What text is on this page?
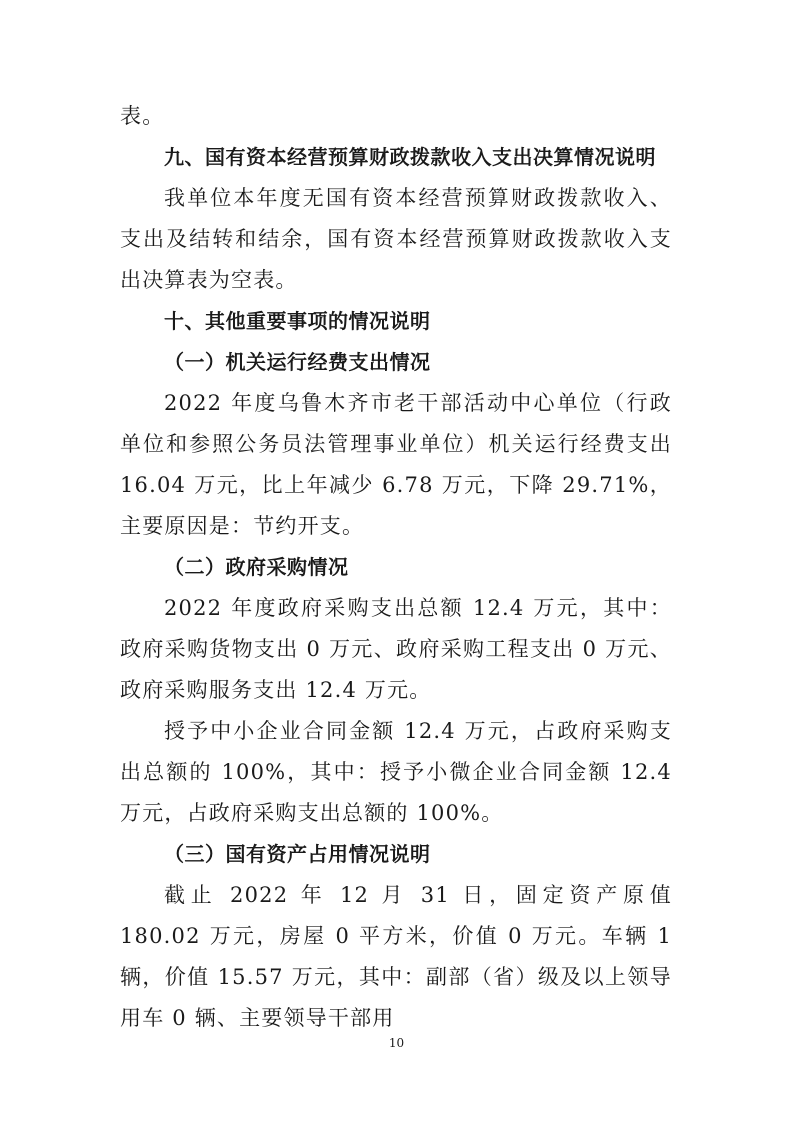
表。

九、国有资本经营预算财政拨款收入支出决算情况说明

我单位本年度无国有资本经营预算财政拨款收入、支出及结转和结余，国有资本经营预算财政拨款收入支出决算表为空表。

十、其他重要事项的情况说明

（一）机关运行经费支出情况

2022 年度乌鲁木齐市老干部活动中心单位（行政单位和参照公务员法管理事业单位）机关运行经费支出 16.04 万元，比上年减少 6.78 万元，下降 29.71%，主要原因是：节约开支。

（二）政府采购情况

2022 年度政府采购支出总额 12.4 万元，其中：政府采购货物支出 0 万元、政府采购工程支出 0 万元、政府采购服务支出 12.4 万元。

授予中小企业合同金额 12.4 万元，占政府采购支出总额的 100%，其中：授予小微企业合同金额 12.4 万元，占政府采购支出总额的 100%。

（三）国有资产占用情况说明

截止 2022 年 12 月 31 日，固定资产原值 180.02 万元，房屋 0 平方米，价值 0 万元。车辆 1 辆，价值 15.57 万元，其中：副部（省）级及以上领导用车 0 辆、主要领导干部用

10
